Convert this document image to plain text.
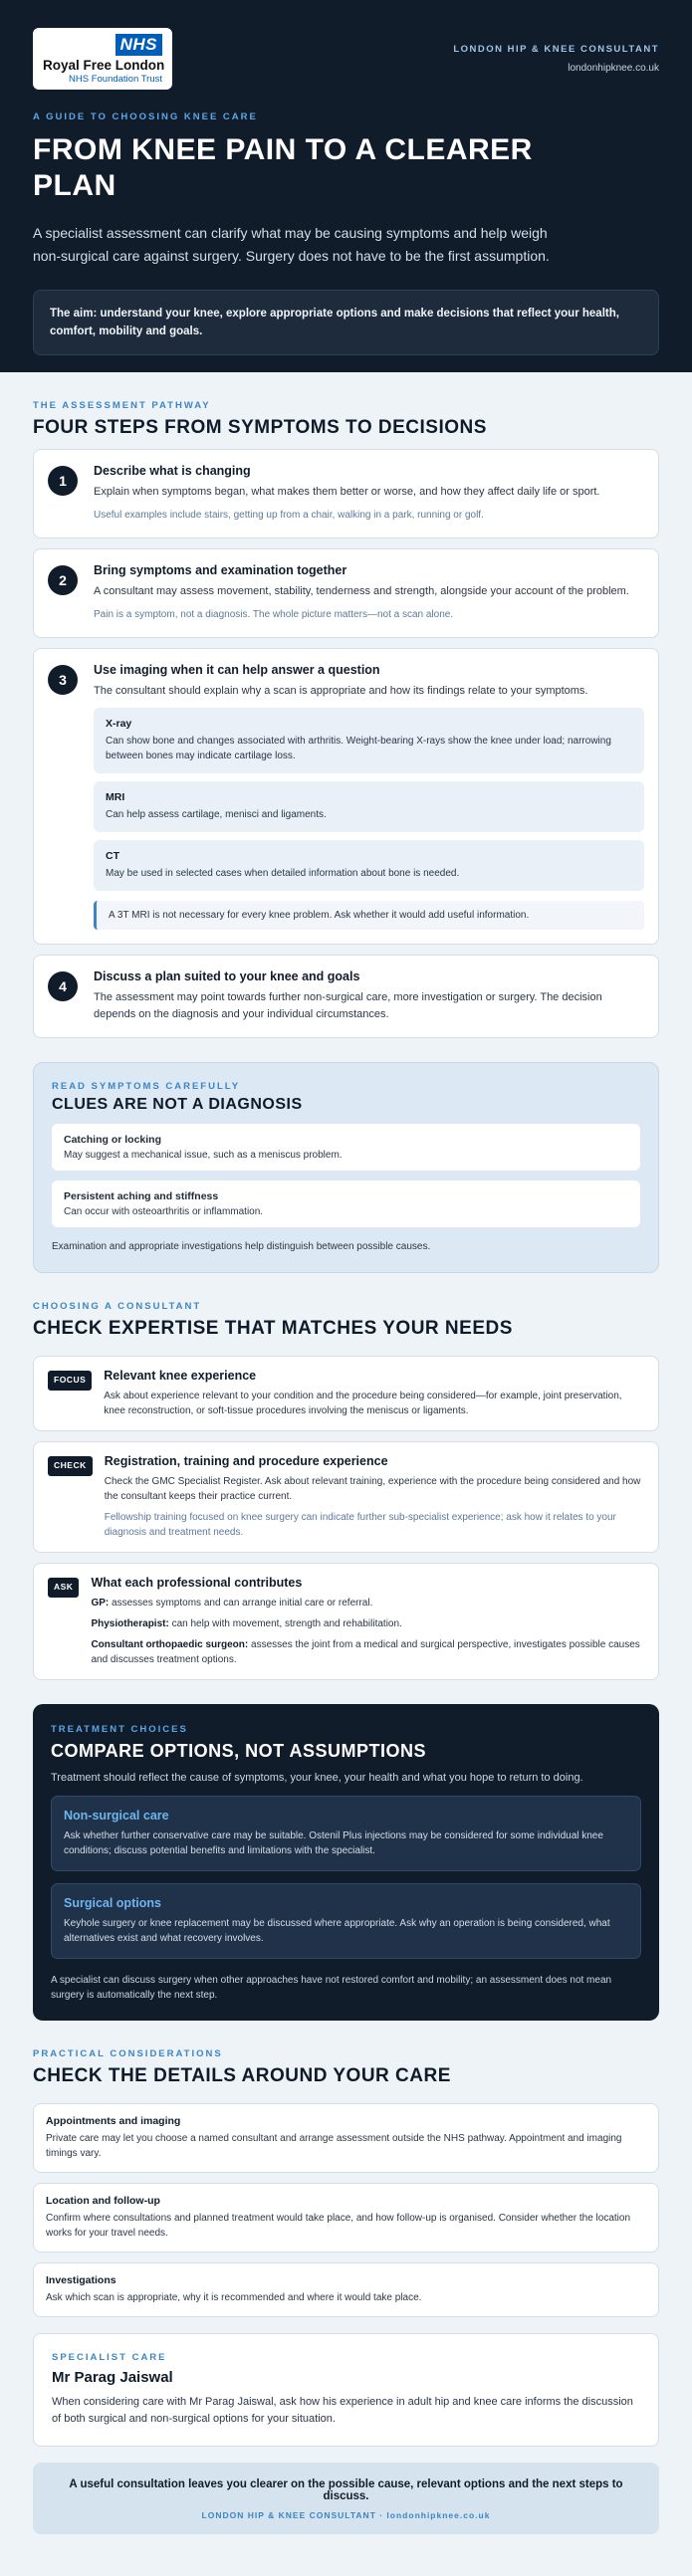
NHS
Royal Free London
NHS Foundation Trust
LONDON HIP & KNEE CONSULTANT
londonhipknee.co.uk
A GUIDE TO CHOOSING KNEE CARE
FROM KNEE PAIN TO A CLEARER PLAN

A specialist assessment can clarify what may be causing symptoms and help weigh non-surgical care against surgery. Surgery does not have to be the first assumption.

The aim: understand your knee, explore appropriate options and make decisions that reflect your health, comfort, mobility and goals.
THE ASSESSMENT PATHWAY
FOUR STEPS FROM SYMPTOMS TO DECISIONS
1
Describe what is changing

Explain when symptoms began, what makes them better or worse, and how they affect daily life or sport.

Useful examples include stairs, getting up from a chair, walking in a park, running or golf.

2
Bring symptoms and examination together

A consultant may assess movement, stability, tenderness and strength, alongside your account of the problem.

Pain is a symptom, not a diagnosis. The whole picture matters—not a scan alone.

3
Use imaging when it can help answer a question

The consultant should explain why a scan is appropriate and how its findings relate to your symptoms.

X-ray
Can show bone and changes associated with arthritis. Weight-bearing X-rays show the knee under load; narrowing between bones may indicate cartilage loss.
MRI
Can help assess cartilage, menisci and ligaments.
CT
May be used in selected cases when detailed information about bone is needed.
A 3T MRI is not necessary for every knee problem. Ask whether it would add useful information.
4
Discuss a plan suited to your knee and goals

The assessment may point towards further non-surgical care, more investigation or surgery. The decision depends on the diagnosis and your individual circumstances.

READ SYMPTOMS CAREFULLY
CLUES ARE NOT A DIAGNOSIS
Catching or locking
May suggest a mechanical issue, such as a meniscus problem.
Persistent aching and stiffness
Can occur with osteoarthritis or inflammation.
Examination and appropriate investigations help distinguish between possible causes.
CHOOSING A CONSULTANT
CHECK EXPERTISE THAT MATCHES YOUR NEEDS
FOCUS	Relevant knee experience

Ask about experience relevant to your condition and the procedure being considered—for example, joint preservation, knee reconstruction, or soft-tissue procedures involving the meniscus or ligaments.

CHECK	Registration, training and procedure experience

Check the GMC Specialist Register. Ask about relevant training, experience with the procedure being considered and how the consultant keeps their practice current.

Fellowship training focused on knee surgery can indicate further sub-specialist experience; ask how it relates to your diagnosis and treatment needs.

ASK	What each professional contributes

GP: assesses symptoms and can arrange initial care or referral.

Physiotherapist: can help with movement, strength and rehabilitation.

Consultant orthopaedic surgeon: assesses the joint from a medical and surgical perspective, investigates possible causes and discusses treatment options.

TREATMENT CHOICES
COMPARE OPTIONS, NOT ASSUMPTIONS

Treatment should reflect the cause of symptoms, your knee, your health and what you hope to return to doing.

Non-surgical care
Ask whether further conservative care may be suitable. Ostenil Plus injections may be considered for some individual knee conditions; discuss potential benefits and limitations with the specialist.
Surgical options
Keyhole surgery or knee replacement may be discussed where appropriate. Ask why an operation is being considered, what alternatives exist and what recovery involves.

A specialist can discuss surgery when other approaches have not restored comfort and mobility; an assessment does not mean surgery is automatically the next step.

PRACTICAL CONSIDERATIONS
CHECK THE DETAILS AROUND YOUR CARE
Appointments and imaging
Private care may let you choose a named consultant and arrange assessment outside the NHS pathway. Appointment and imaging timings vary.
Location and follow-up
Confirm where consultations and planned treatment would take place, and how follow-up is organised. Consider whether the location works for your travel needs.
Investigations
Ask which scan is appropriate, why it is recommended and where it would take place.
SPECIALIST CARE
Mr Parag Jaiswal

When considering care with Mr Parag Jaiswal, ask how his experience in adult hip and knee care informs the discussion of both surgical and non-surgical options for your situation.

A useful consultation leaves you clearer on the possible cause, relevant options and the next steps to discuss.
LONDON HIP & KNEE CONSULTANT · londonhipknee.co.uk
